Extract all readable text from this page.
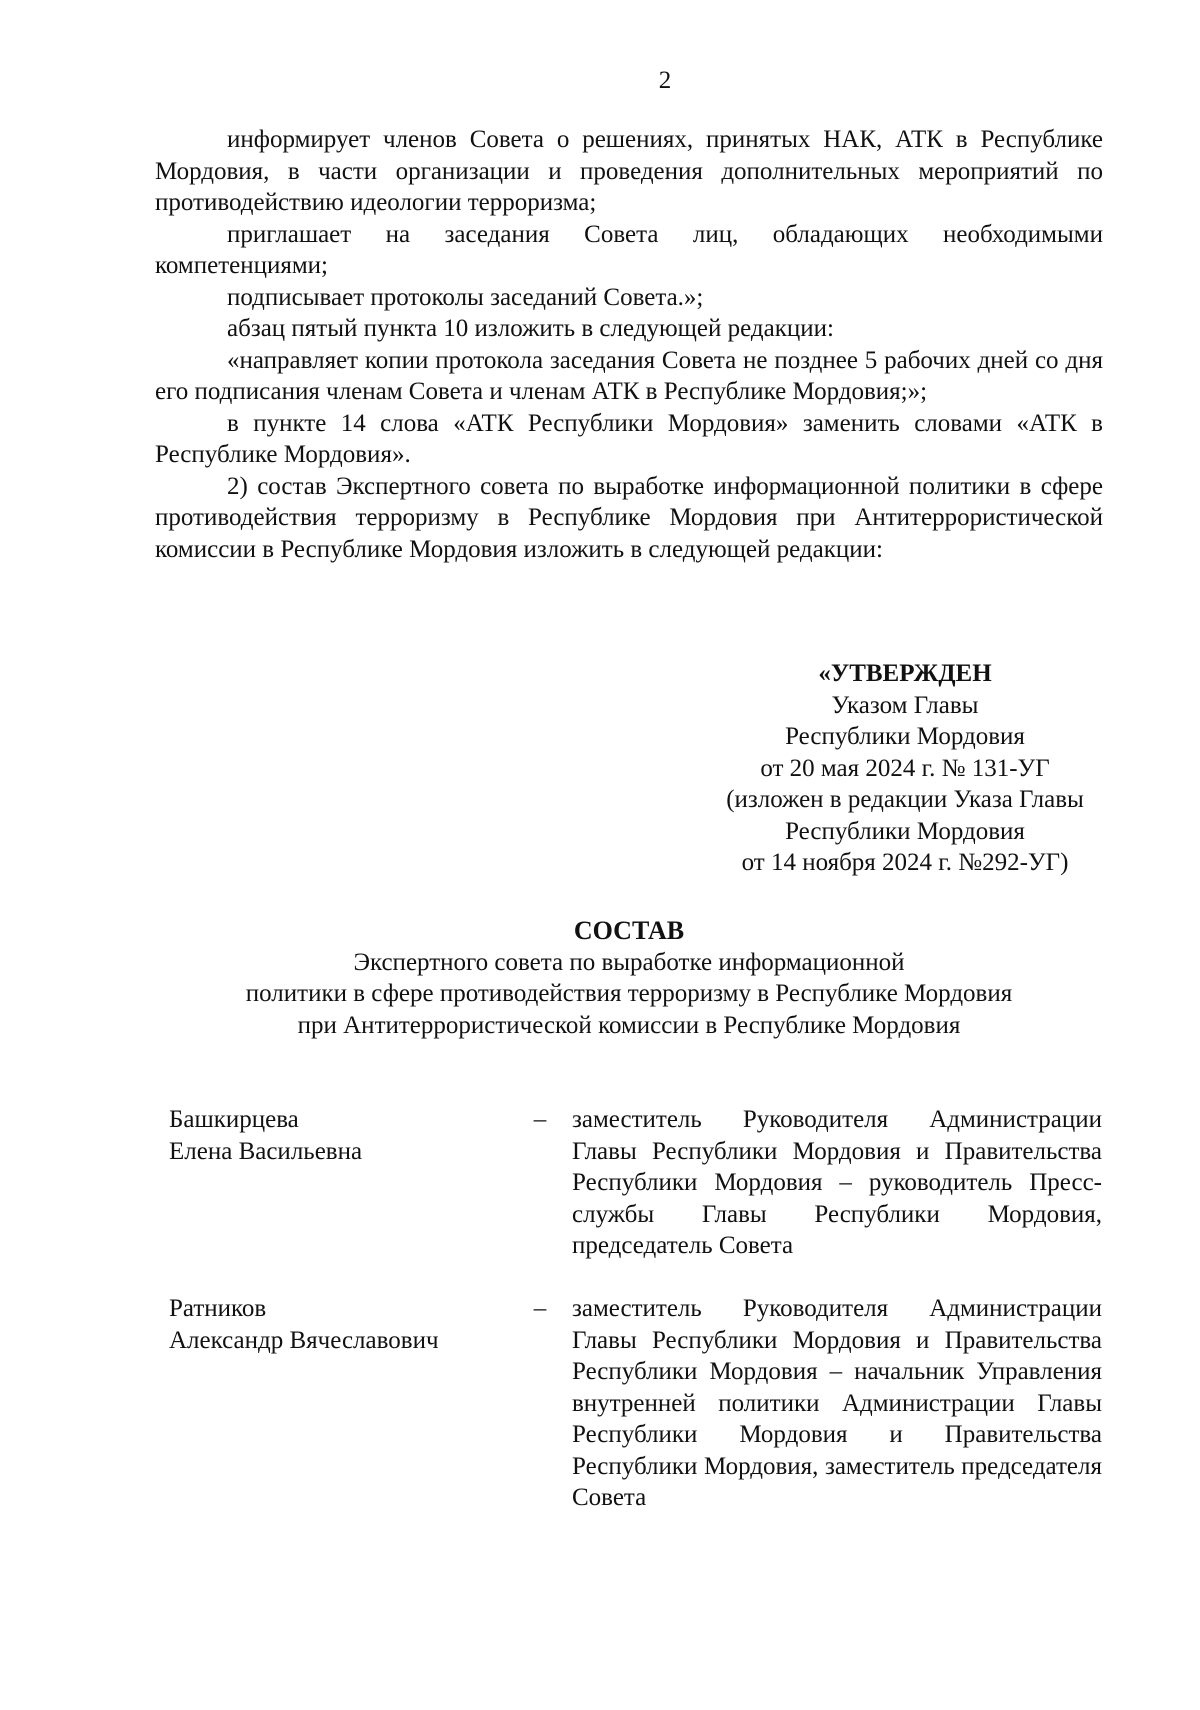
2

информирует членов Совета о решениях, принятых НАК, АТК в Республике Мордовия, в части организации и проведения дополнительных мероприятий по противодействию идеологии терроризма;

приглашает на заседания Совета лиц, обладающих необходимыми компетенциями;

подписывает протоколы заседаний Совета.»;

абзац пятый пункта 10 изложить в следующей редакции:

«направляет копии протокола заседания Совета не позднее 5 рабочих дней со дня его подписания членам Совета и членам АТК в Республике Мордовия;»;

в пункте 14 слова «АТК Республики Мордовия» заменить словами «АТК в Республике Мордовия».

2) состав Экспертного совета по выработке информационной политики в сфере противодействия терроризму в Республике Мордовия при Антитеррористической комиссии в Республике Мордовия изложить в следующей редакции:

«УТВЕРЖДЕН
Указом Главы
Республики Мордовия
от 20 мая 2024 г. № 131-УГ
(изложен в редакции Указа Главы
Республики Мордовия
от 14 ноября 2024 г. №292-УГ)
СОСТАВ
Экспертного совета по выработке информационной
политики в сфере противодействия терроризму в Республике Мордовия
при Антитеррористической комиссии в Республике Мордовия
Башкирцева
Елена Васильевна
–	заместитель Руководителя Администрации Главы Республики Мордовия и Правительства Республики Мордовия – руководитель Пресс-службы Главы Республики Мордовия, председатель Совета
Ратников
Александр Вячеславович
–	заместитель Руководителя Администрации Главы Республики Мордовия и Правительства Республики Мордовия – начальник Управления внутренней политики Администрации Главы Республики Мордовия и Правительства Республики Мордовия, заместитель председателя Совета
